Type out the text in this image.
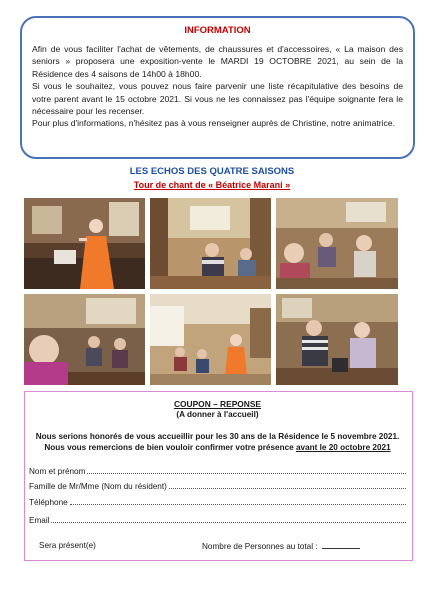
INFORMATION

Afin de vous faciliter l'achat de vêtements, de chaussures et d'accessoires, « La maison des seniors » proposera une exposition-vente le MARDI 19 OCTOBRE 2021, au sein de la Résidence des 4 saisons de 14h00 à 18h00.

Si vous le souhaitez, vous pouvez nous faire parvenir une liste récapitulative des besoins de votre parent avant le 15 octobre 2021. Si vous ne les connaissez pas l'équipe soignante fera le nécessaire pour les recenser.

Pour plus d'informations, n'hésitez pas à vous renseigner auprès de Christine, notre animatrice.

LES ECHOS DES QUATRE SAISONS
Tour de chant de « Béatrice Marani »
COUPON – REPONSE
(A donner à l'accueil)
Nous serions honorés de vous accueillir pour les 30 ans de la Résidence le 5 novembre 2021.
Nous vous remercions de bien vouloir confirmer votre présence avant le 20 octobre 2021
Nom et prénom
Famille de Mr/Mme (Nom du résident)
Téléphone
Email
Sera présent(e)	Nombre de Personnes au total :
